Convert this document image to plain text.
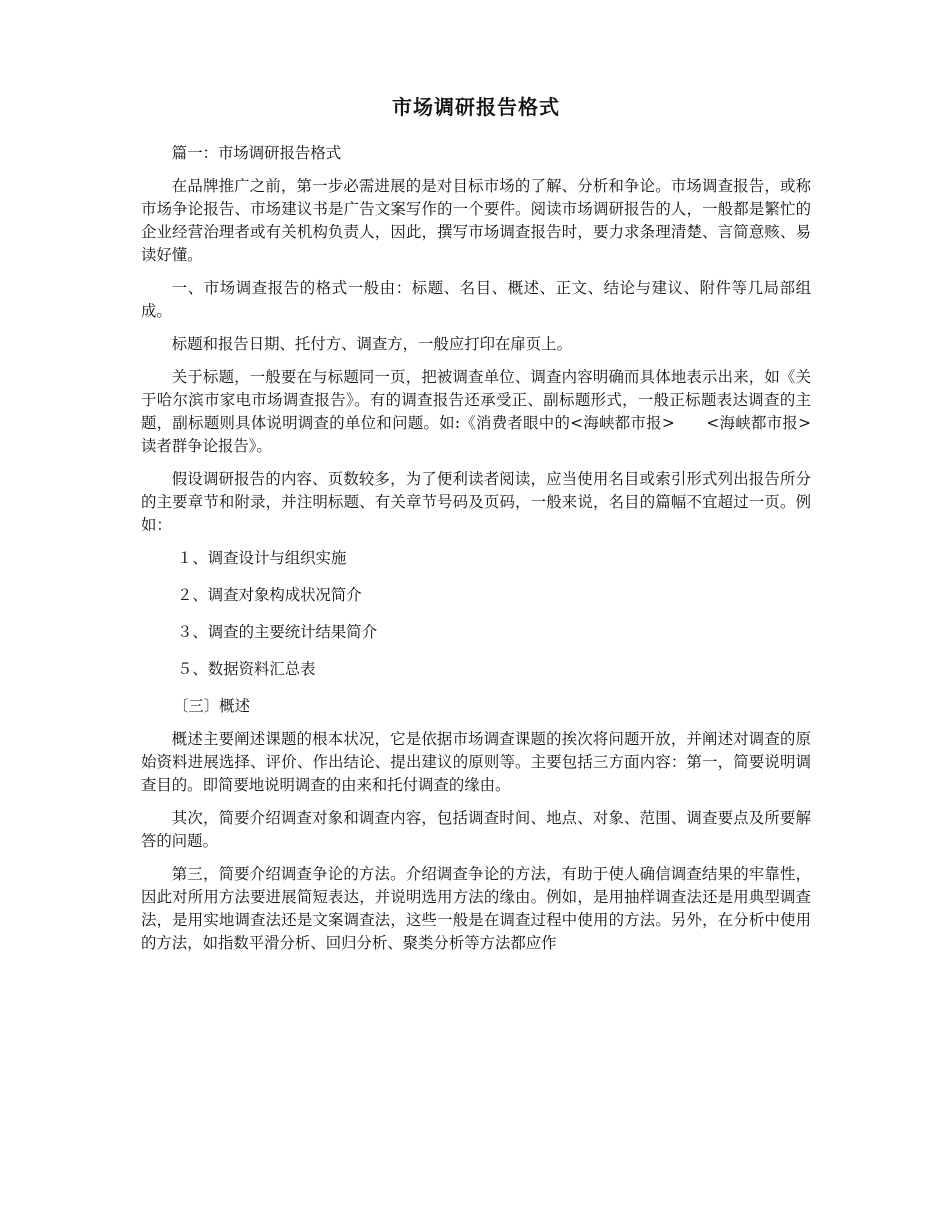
市场调研报告格式

篇一：市场调研报告格式

在品牌推广之前，第一步必需进展的是对目标市场的了解、分析和争论。市场调查报告，或称市场争论报告、市场建议书是广告文案写作的一个要件。阅读市场调研报告的人，一般都是繁忙的企业经营治理者或有关机构负责人，因此，撰写市场调查报告时，要力求条理清楚、言简意赅、易读好懂。

一、市场调查报告的格式一般由：标题、名目、概述、正文、结论与建议、附件等几局部组成。

标题和报告日期、托付方、调查方，一般应打印在扉页上。

关于标题，一般要在与标题同一页，把被调查单位、调查内容明确而具体地表示出来，如《关于哈尔滨市家电市场调查报告》。有的调查报告还承受正、副标题形式，一般正标题表达调查的主题，副标题则具体说明调查的单位和问题。如:《消费者眼中的<海峡都市报>　　<海峡都市报>读者群争论报告》。

假设调研报告的内容、页数较多，为了便利读者阅读，应当使用名目或索引形式列出报告所分的主要章节和附录，并注明标题、有关章节号码及页码，一般来说，名目的篇幅不宜超过一页。例如：

１、调查设计与组织实施

２、调查对象构成状况简介

３、调查的主要统计结果简介

５、数据资料汇总表

〔三〕概述

概述主要阐述课题的根本状况，它是依据市场调查课题的挨次将问题开放，并阐述对调查的原始资料进展选择、评价、作出结论、提出建议的原则等。主要包括三方面内容：第一，简要说明调查目的。即简要地说明调查的由来和托付调查的缘由。

其次，简要介绍调查对象和调查内容，包括调查时间、地点、对象、范围、调查要点及所要解答的问题。

第三，简要介绍调查争论的方法。介绍调查争论的方法，有助于使人确信调查结果的牢靠性，因此对所用方法要进展简短表达，并说明选用方法的缘由。例如，是用抽样调查法还是用典型调查法，是用实地调查法还是文案调查法，这些一般是在调查过程中使用的方法。另外，在分析中使用的方法，如指数平滑分析、回归分析、聚类分析等方法都应作
